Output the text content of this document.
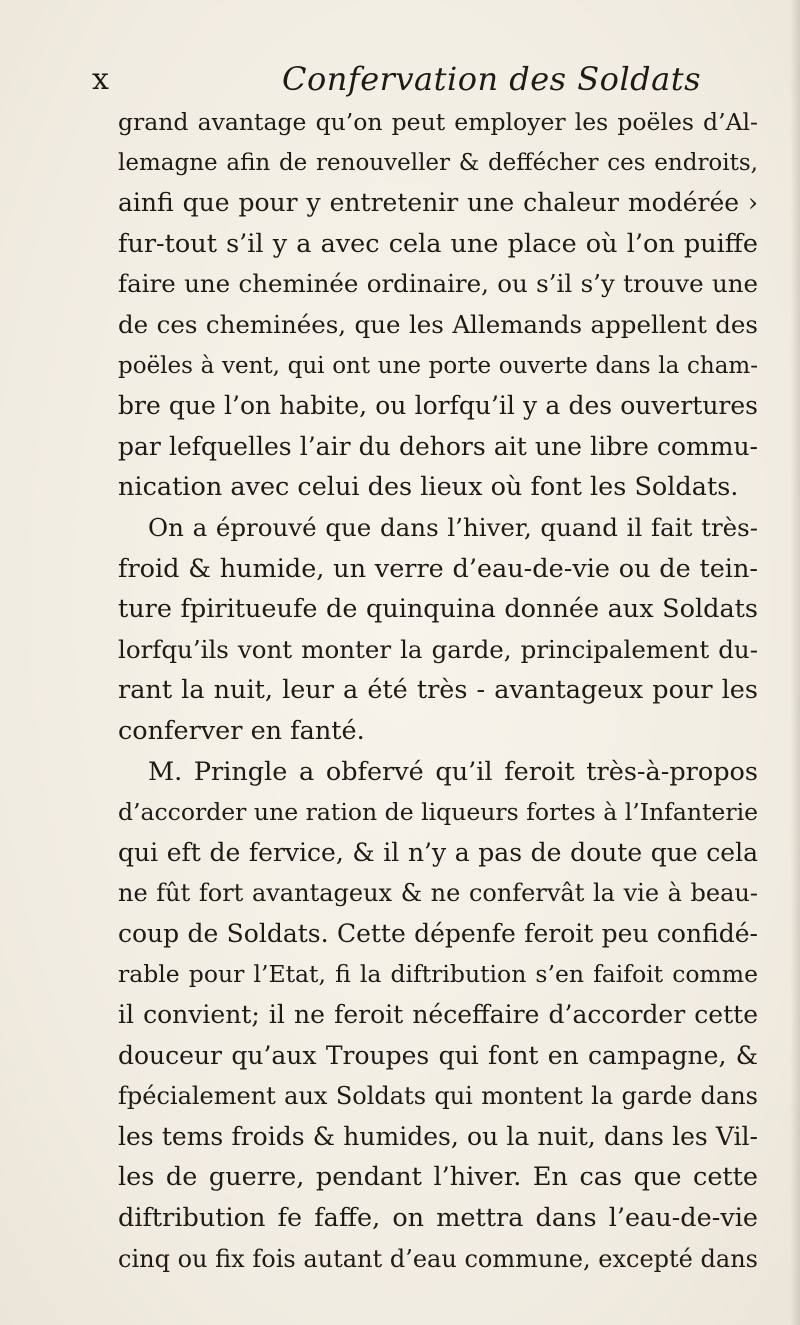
x	Confervation des Soldats
grand avantage qu’on peut employer les poëles d’Al-
lemagne afin de renouveller & deffécher ces endroits,
ainfi que pour y entretenir une chaleur modérée ›
fur-tout s’il y a avec cela une place où l’on puiffe
faire une cheminée ordinaire, ou s’il s’y trouve une
de ces cheminées, que les Allemands appellent des
poëles à vent, qui ont une porte ouverte dans la cham-
bre que l’on habite, ou lorfqu’il y a des ouvertures
par lefquelles l’air du dehors ait une libre commu-
nication avec celui des lieux où font les Soldats.
On a éprouvé que dans l’hiver, quand il fait très-
froid & humide, un verre d’eau-de-vie ou de tein-
ture fpiritueufe de quinquina donnée aux Soldats
lorfqu’ils vont monter la garde, principalement du-
rant la nuit, leur a été très - avantageux pour les
conferver en fanté.
M. Pringle a obfervé qu’il feroit très-à-propos
d’accorder une ration de liqueurs fortes à l’Infanterie
qui eft de fervice, & il n’y a pas de doute que cela
ne fût fort avantageux & ne confervât la vie à beau-
coup de Soldats. Cette dépenfe feroit peu confidé-
rable pour l’Etat, fi la diftribution s’en faifoit comme
il convient; il ne feroit néceffaire d’accorder cette
douceur qu’aux Troupes qui font en campagne, &
fpécialement aux Soldats qui montent la garde dans
les tems froids & humides, ou la nuit, dans les Vil-
les de guerre, pendant l’hiver. En cas que cette
diftribution fe faffe, on mettra dans l’eau-de-vie
cinq ou fix fois autant d’eau commune, excepté dans
